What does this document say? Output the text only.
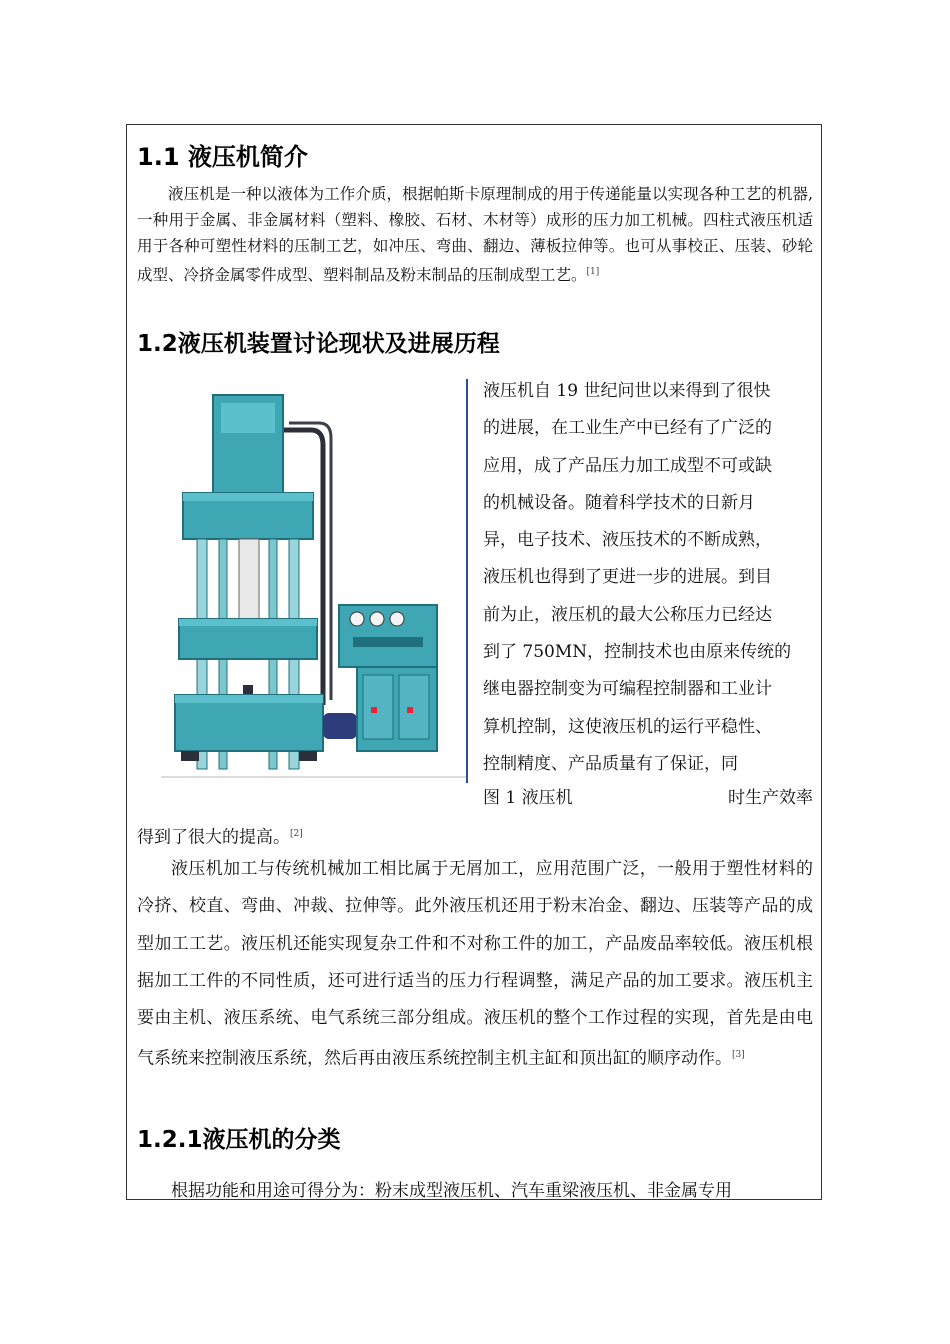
1.1 液压机简介

液压机是一种以液体为工作介质，根据帕斯卡原理制成的用于传递能量以实现各种工艺的机器,一种用于金属、非金属材料（塑料、橡胶、石材、木材等）成形的压力加工机械。四柱式液压机适用于各种可塑性材料的压制工艺，如冲压、弯曲、翻边、薄板拉伸等。也可从事校正、压装、砂轮成型、冷挤金属零件成型、塑料制品及粉末制品的压制成型工艺。[1]

1.2液压机装置讨论现状及进展历程
液压机自 19 世纪问世以来得到了很快
的进展，在工业生产中已经有了广泛的
应用，成了产品压力加工成型不可或缺
的机械设备。随着科学技术的日新月
异，电子技术、液压技术的不断成熟，
液压机也得到了更进一步的进展。到目
前为止，液压机的最大公称压力已经达
到了 750MN，控制技术也由原来传统的
继电器控制变为可编程控制器和工业计
算机控制，这使液压机的运行平稳性、
控制精度、产品质量有了保证，同
图 1 液压机	时生产效率
得到了很大的提高。[2]

液压机加工与传统机械加工相比属于无屑加工，应用范围广泛，一般用于塑性材料的冷挤、校直、弯曲、冲裁、拉伸等。此外液压机还用于粉末冶金、翻边、压装等产品的成型加工工艺。液压机还能实现复杂工件和不对称工件的加工，产品废品率较低。液压机根据加工工件的不同性质，还可进行适当的压力行程调整，满足产品的加工要求。液压机主要由主机、液压系统、电气系统三部分组成。液压机的整个工作过程的实现，首先是由电气系统来控制液压系统，然后再由液压系统控制主机主缸和顶出缸的顺序动作。[3]

1.2.1液压机的分类

根据功能和用途可得分为：粉末成型液压机、汽车重梁液压机、非金属专用
